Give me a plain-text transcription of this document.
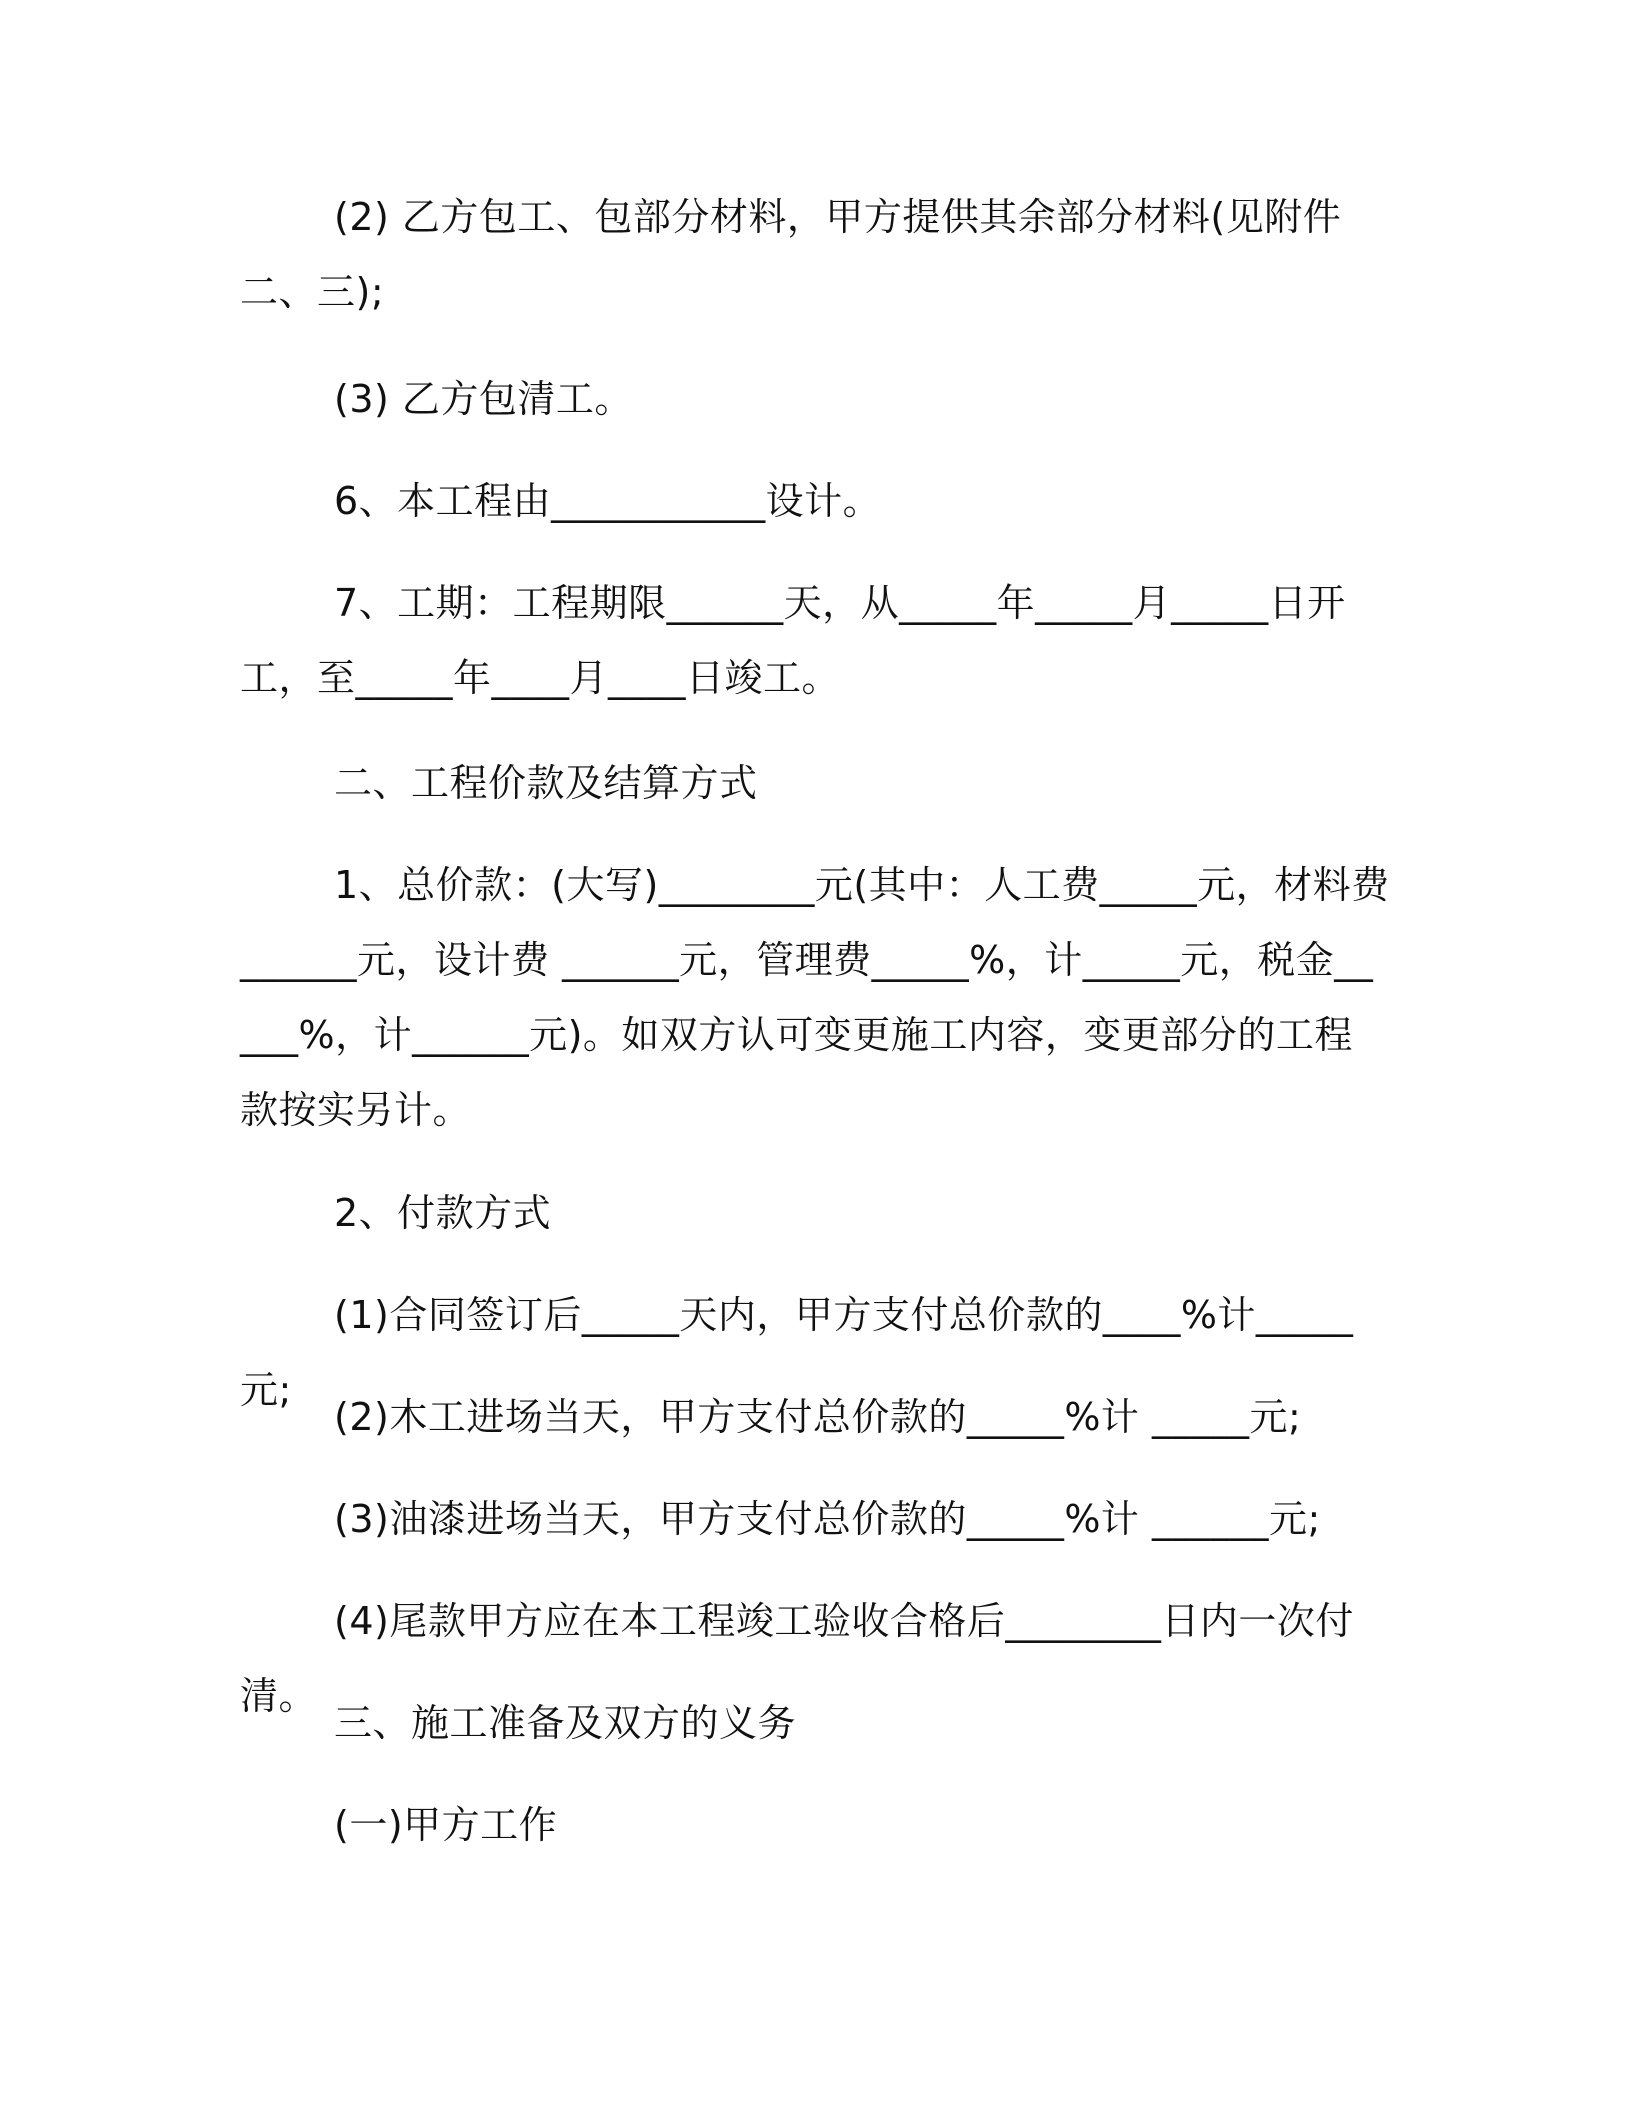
(2) 乙方包工、包部分材料，甲方提供其余部分材料(见附件二、三);

(3) 乙方包清工。

6、本工程由___________设计。

7、工期：工程期限______天，从_____年_____月_____日开工，至_____年____月____日竣工。

二、工程价款及结算方式

1、总价款：(大写)________元(其中：人工费_____元，材料费______元，设计费 ______元，管理费_____%，计_____元，税金_____%，计______元)。如双方认可变更施工内容，变更部分的工程款按实另计。

2、付款方式

(1)合同签订后_____天内，甲方支付总价款的____%计_____元;

(2)木工进场当天，甲方支付总价款的_____%计 _____元;

(3)油漆进场当天，甲方支付总价款的_____%计 ______元;

(4)尾款甲方应在本工程竣工验收合格后________日内一次付清。

三、施工准备及双方的义务

(一)甲方工作
